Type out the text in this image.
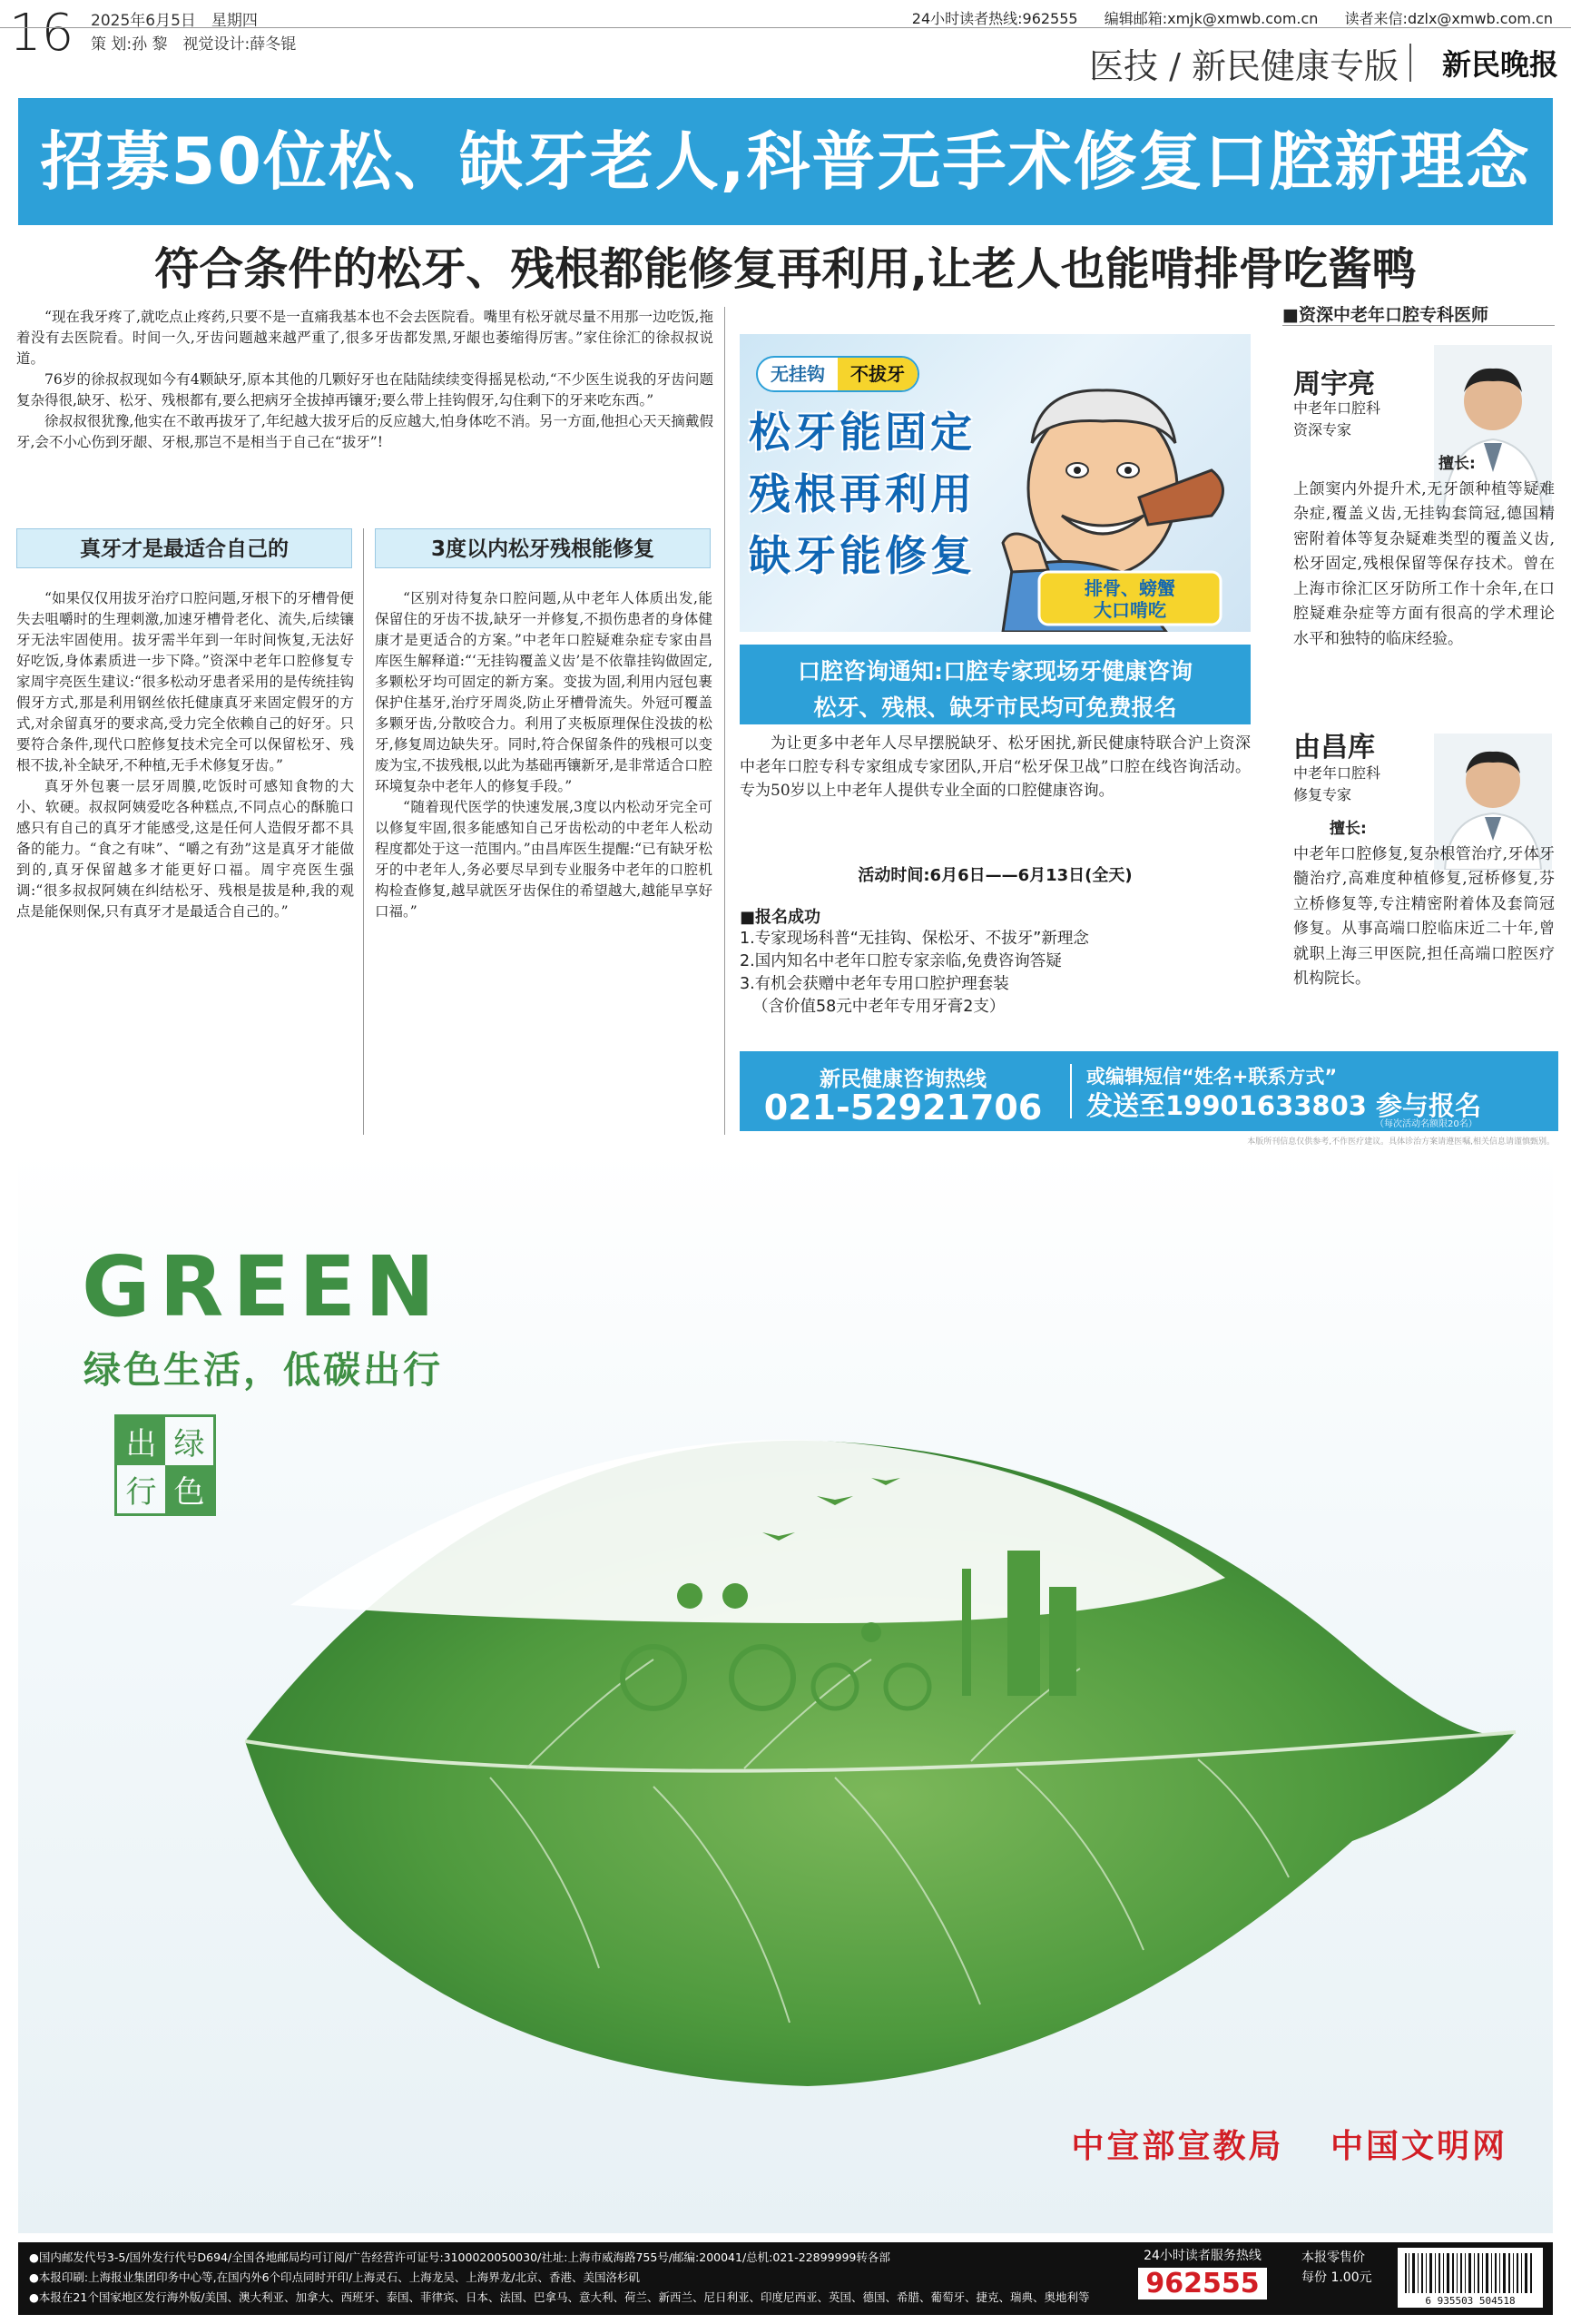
16 2025年6月5日　星期四
策 划:孙 黎　视觉设计:薛冬锟
24小时读者热线:962555 编辑邮箱:xmjk@xmwb.com.cn 读者来信:dzlx@xmwb.com.cn
医技 / 新民健康专版 新民晚报
招募50位松、缺牙老人,科普无手术修复口腔新理念
符合条件的松牙、残根都能修复再利用,让老人也能啃排骨吃酱鸭

“现在我牙疼了,就吃点止疼药,只要不是一直痛我基本也不会去医院看。嘴里有松牙就尽量不用那一边吃饭,拖着没有去医院看。时间一久,牙齿问题越来越严重了,很多牙齿都发黑,牙龈也萎缩得厉害。”家住徐汇的徐叔叔说道。

76岁的徐叔叔现如今有4颗缺牙,原本其他的几颗好牙也在陆陆续续变得摇晃松动,“不少医生说我的牙齿问题复杂得很,缺牙、松牙、残根都有,要么把病牙全拔掉再镶牙;要么带上挂钩假牙,勾住剩下的牙来吃东西。”

徐叔叔很犹豫,他实在不敢再拔牙了,年纪越大拔牙后的反应越大,怕身体吃不消。另一方面,他担心天天摘戴假牙,会不小心伤到牙龈、牙根,那岂不是相当于自己在“拔牙”!

真牙才是最适合自己的	3度以内松牙残根能修复

“如果仅仅用拔牙治疗口腔问题,牙根下的牙槽骨便失去咀嚼时的生理刺激,加速牙槽骨老化、流失,后续镶牙无法牢固使用。拔牙需半年到一年时间恢复,无法好好吃饭,身体素质进一步下降。”资深中老年口腔修复专家周宇亮医生建议:“很多松动牙患者采用的是传统挂钩假牙方式,那是利用钢丝依托健康真牙来固定假牙的方式,对余留真牙的要求高,受力完全依赖自己的好牙。只要符合条件,现代口腔修复技术完全可以保留松牙、残根不拔,补全缺牙,不种植,无手术修复牙齿。”

真牙外包裹一层牙周膜,吃饭时可感知食物的大小、软硬。叔叔阿姨爱吃各种糕点,不同点心的酥脆口感只有自己的真牙才能感受,这是任何人造假牙都不具备的能力。“食之有味”、“嚼之有劲”这是真牙才能做到的,真牙保留越多才能更好口福。周宇亮医生强调:“很多叔叔阿姨在纠结松牙、残根是拔是种,我的观点是能保则保,只有真牙才是最适合自己的。”

“区别对待复杂口腔问题,从中老年人体质出发,能保留住的牙齿不拔,缺牙一并修复,不损伤患者的身体健康才是更适合的方案。”中老年口腔疑难杂症专家由昌库医生解释道:“‘无挂钩覆盖义齿’是不依靠挂钩做固定,多颗松牙均可固定的新方案。变拔为固,利用内冠包裹保护住基牙,治疗牙周炎,防止牙槽骨流失。外冠可覆盖多颗牙齿,分散咬合力。利用了夹板原理保住没拔的松牙,修复周边缺失牙。同时,符合保留条件的残根可以变废为宝,不拔残根,以此为基础再镶新牙,是非常适合口腔环境复杂中老年人的修复手段。”

“随着现代医学的快速发展,3度以内松动牙完全可以修复牢固,很多能感知自己牙齿松动的中老年人松动程度都处于这一范围内。”由昌库医生提醒:“已有缺牙松牙的中老年人,务必要尽早到专业服务中老年的口腔机构检查修复,越早就医牙齿保住的希望越大,越能早享好口福。”

排骨、螃蟹
大口啃吃
无挂钩	不拔牙
松牙能固定
残根再利用
缺牙能修复
口腔咨询通知:口腔专家现场牙健康咨询
松牙、残根、缺牙市民均可免费报名

为让更多中老年人尽早摆脱缺牙、松牙困扰,新民健康特联合沪上资深中老年口腔专科专家组成专家团队,开启“松牙保卫战”口腔在线咨询活动。专为50岁以上中老年人提供专业全面的口腔健康咨询。

活动时间:6月6日——6月13日(全天)
■报名成功
1.专家现场科普“无挂钩、保松牙、不拔牙”新理念
2.国内知名中老年口腔专家亲临,免费咨询答疑
3.有机会获赠中老年专用口腔护理套装
（含价值58元中老年专用牙膏2支）
新民健康咨询热线
021-52921706
或编辑短信“姓名+联系方式”
发送至19901633803 参与报名
（每次活动名额限20名）
本版所刊信息仅供参考,不作医疗建议。具体诊治方案请遵医嘱,相关信息请谨慎甄别。
■资深中老年口腔专科医师
周宇亮
中老年口腔科
资深专家
擅长:
上颌窦内外提升术,无牙颌种植等疑难杂症,覆盖义齿,无挂钩套筒冠,德国精密附着体等复杂疑难类型的覆盖义齿,松牙固定,残根保留等保存技术。曾在上海市徐汇区牙防所工作十余年,在口腔疑难杂症等方面有很高的学术理论水平和独特的临床经验。
由昌库
中老年口腔科
修复专家
擅长:
中老年口腔修复,复杂根管治疗,牙体牙髓治疗,高难度种植修复,冠桥修复,芬立桥修复等,专注精密附着体及套筒冠修复。从事高端口腔临床近二十年,曾就职上海三甲医院,担任高端口腔医疗机构院长。
GREEN
绿色生活，低碳出行
出 绿
行 色
中宣部宣教局 中国文明网
●国内邮发代号3-5/国外发行代号D694/全国各地邮局均可订阅/广告经营许可证号:3100020050030/社址:上海市威海路755号/邮编:200041/总机:021-22899999转各部
●本报印刷:上海报业集团印务中心等,在国内外6个印点同时开印/上海灵石、上海龙吴、上海界龙/北京、香港、美国洛杉矶
●本报在21个国家地区发行海外版/美国、澳大利亚、加拿大、西班牙、泰国、菲律宾、日本、法国、巴拿马、意大利、荷兰、新西兰、尼日利亚、印度尼西亚、英国、德国、希腊、葡萄牙、捷克、瑞典、奥地利等
24小时读者服务热线
962555
本报零售价
每份 1.00元
6 935503 504518
